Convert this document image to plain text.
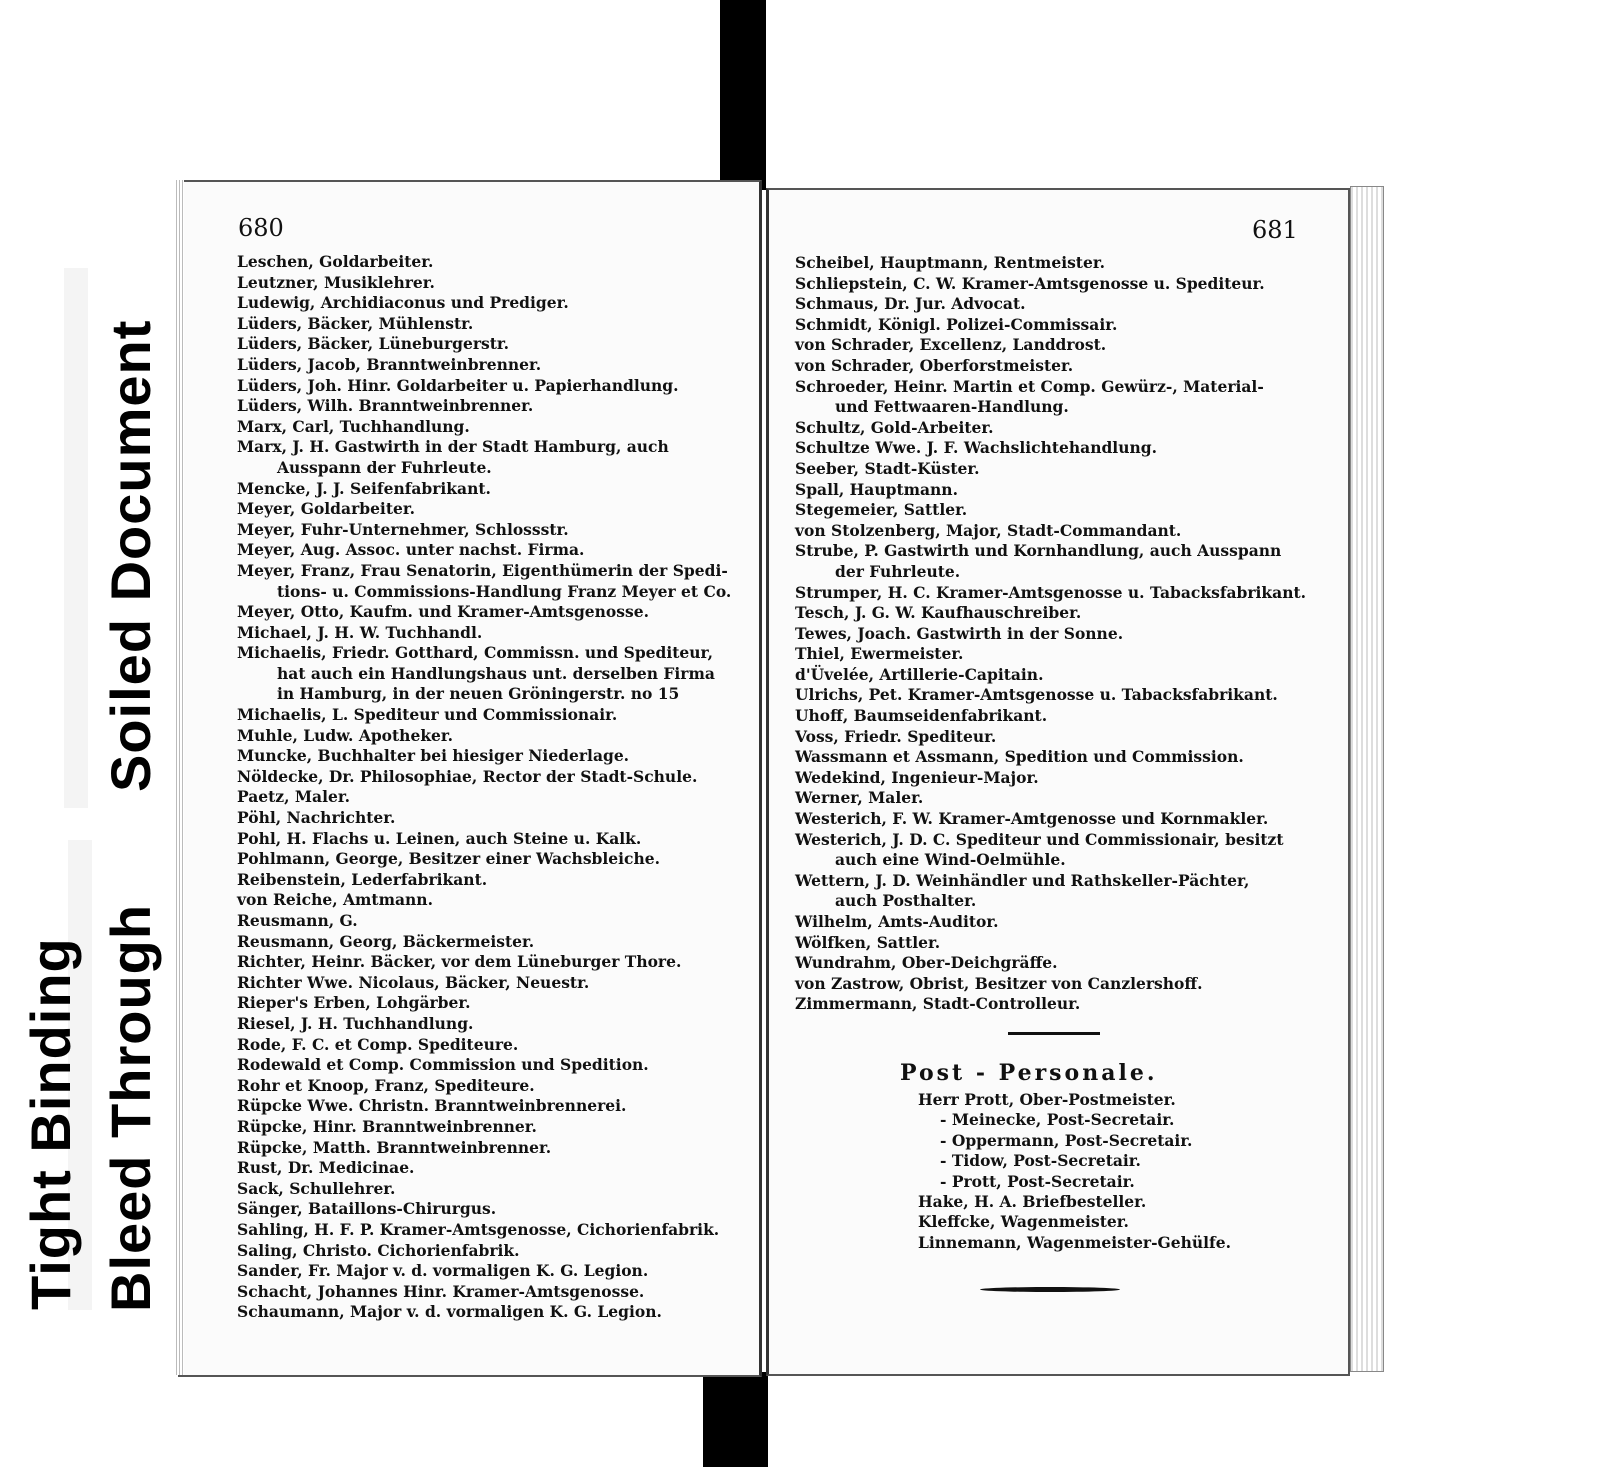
Tight Binding Bleed Through
Soiled Document
680	681
Leschen, Goldarbeiter.
Leutzner, Musiklehrer.
Ludewig, Archidiaconus und Prediger.
Lüders, Bäcker, Mühlenstr.
Lüders, Bäcker, Lüneburgerstr.
Lüders, Jacob, Branntweinbrenner.
Lüders, Joh. Hinr. Goldarbeiter u. Papierhandlung.
Lüders, Wilh. Branntweinbrenner.
Marx, Carl, Tuchhandlung.
Marx, J. H. Gastwirth in der Stadt Hamburg, auch
Ausspann der Fuhrleute.
Mencke, J. J. Seifenfabrikant.
Meyer, Goldarbeiter.
Meyer, Fuhr-Unternehmer, Schlossstr.
Meyer, Aug. Assoc. unter nachst. Firma.
Meyer, Franz, Frau Senatorin, Eigenthümerin der Spedi-
tions- u. Commissions-Handlung Franz Meyer et Co.
Meyer, Otto, Kaufm. und Kramer-Amtsgenosse.
Michael, J. H. W. Tuchhandl.
Michaelis, Friedr. Gotthard, Commissn. und Spediteur,
hat auch ein Handlungshaus unt. derselben Firma
in Hamburg, in der neuen Gröningerstr. no 15
Michaelis, L. Spediteur und Commissionair.
Muhle, Ludw. Apotheker.
Muncke, Buchhalter bei hiesiger Niederlage.
Nöldecke, Dr. Philosophiae, Rector der Stadt-Schule.
Paetz, Maler.
Pöhl, Nachrichter.
Pohl, H. Flachs u. Leinen, auch Steine u. Kalk.
Pohlmann, George, Besitzer einer Wachsbleiche.
Reibenstein, Lederfabrikant.
von Reiche, Amtmann.
Reusmann, G.
Reusmann, Georg, Bäckermeister.
Richter, Heinr. Bäcker, vor dem Lüneburger Thore.
Richter Wwe. Nicolaus, Bäcker, Neuestr.
Rieper's Erben, Lohgärber.
Riesel, J. H. Tuchhandlung.
Rode, F. C. et Comp. Spediteure.
Rodewald et Comp. Commission und Spedition.
Rohr et Knoop, Franz, Spediteure.
Rüpcke Wwe. Christn. Branntweinbrennerei.
Rüpcke, Hinr. Branntweinbrenner.
Rüpcke, Matth. Branntweinbrenner.
Rust, Dr. Medicinae.
Sack, Schullehrer.
Sänger, Bataillons-Chirurgus.
Sahling, H. F. P. Kramer-Amtsgenosse, Cichorienfabrik.
Saling, Christo. Cichorienfabrik.
Sander, Fr. Major v. d. vormaligen K. G. Legion.
Schacht, Johannes Hinr. Kramer-Amtsgenosse.
Schaumann, Major v. d. vormaligen K. G. Legion.
Scheibel, Hauptmann, Rentmeister.
Schliepstein, C. W. Kramer-Amtsgenosse u. Spediteur.
Schmaus, Dr. Jur. Advocat.
Schmidt, Königl. Polizei-Commissair.
von Schrader, Excellenz, Landdrost.
von Schrader, Oberforstmeister.
Schroeder, Heinr. Martin et Comp. Gewürz-, Material-
und Fettwaaren-Handlung.
Schultz, Gold-Arbeiter.
Schultze Wwe. J. F. Wachslichtehandlung.
Seeber, Stadt-Küster.
Spall, Hauptmann.
Stegemeier, Sattler.
von Stolzenberg, Major, Stadt-Commandant.
Strube, P. Gastwirth und Kornhandlung, auch Ausspann
der Fuhrleute.
Strumper, H. C. Kramer-Amtsgenosse u. Tabacksfabrikant.
Tesch, J. G. W. Kaufhauschreiber.
Tewes, Joach. Gastwirth in der Sonne.
Thiel, Ewermeister.
d'Üvelée, Artillerie-Capitain.
Ulrichs, Pet. Kramer-Amtsgenosse u. Tabacksfabrikant.
Uhoff, Baumseidenfabrikant.
Voss, Friedr. Spediteur.
Wassmann et Assmann, Spedition und Commission.
Wedekind, Ingenieur-Major.
Werner, Maler.
Westerich, F. W. Kramer-Amtgenosse und Kornmakler.
Westerich, J. D. C. Spediteur und Commissionair, besitzt
auch eine Wind-Oelmühle.
Wettern, J. D. Weinhändler und Rathskeller-Pächter,
auch Posthalter.
Wilhelm, Amts-Auditor.
Wölfken, Sattler.
Wundrahm, Ober-Deichgräffe.
von Zastrow, Obrist, Besitzer von Canzlershoff.
Zimmermann, Stadt-Controlleur.
Post - Personale.
Herr Prott, Ober-Postmeister.
- Meinecke, Post-Secretair.
- Oppermann, Post-Secretair.
- Tidow, Post-Secretair.
- Prott, Post-Secretair.
Hake, H. A. Briefbesteller.
Kleffcke, Wagenmeister.
Linnemann, Wagenmeister-Gehülfe.
